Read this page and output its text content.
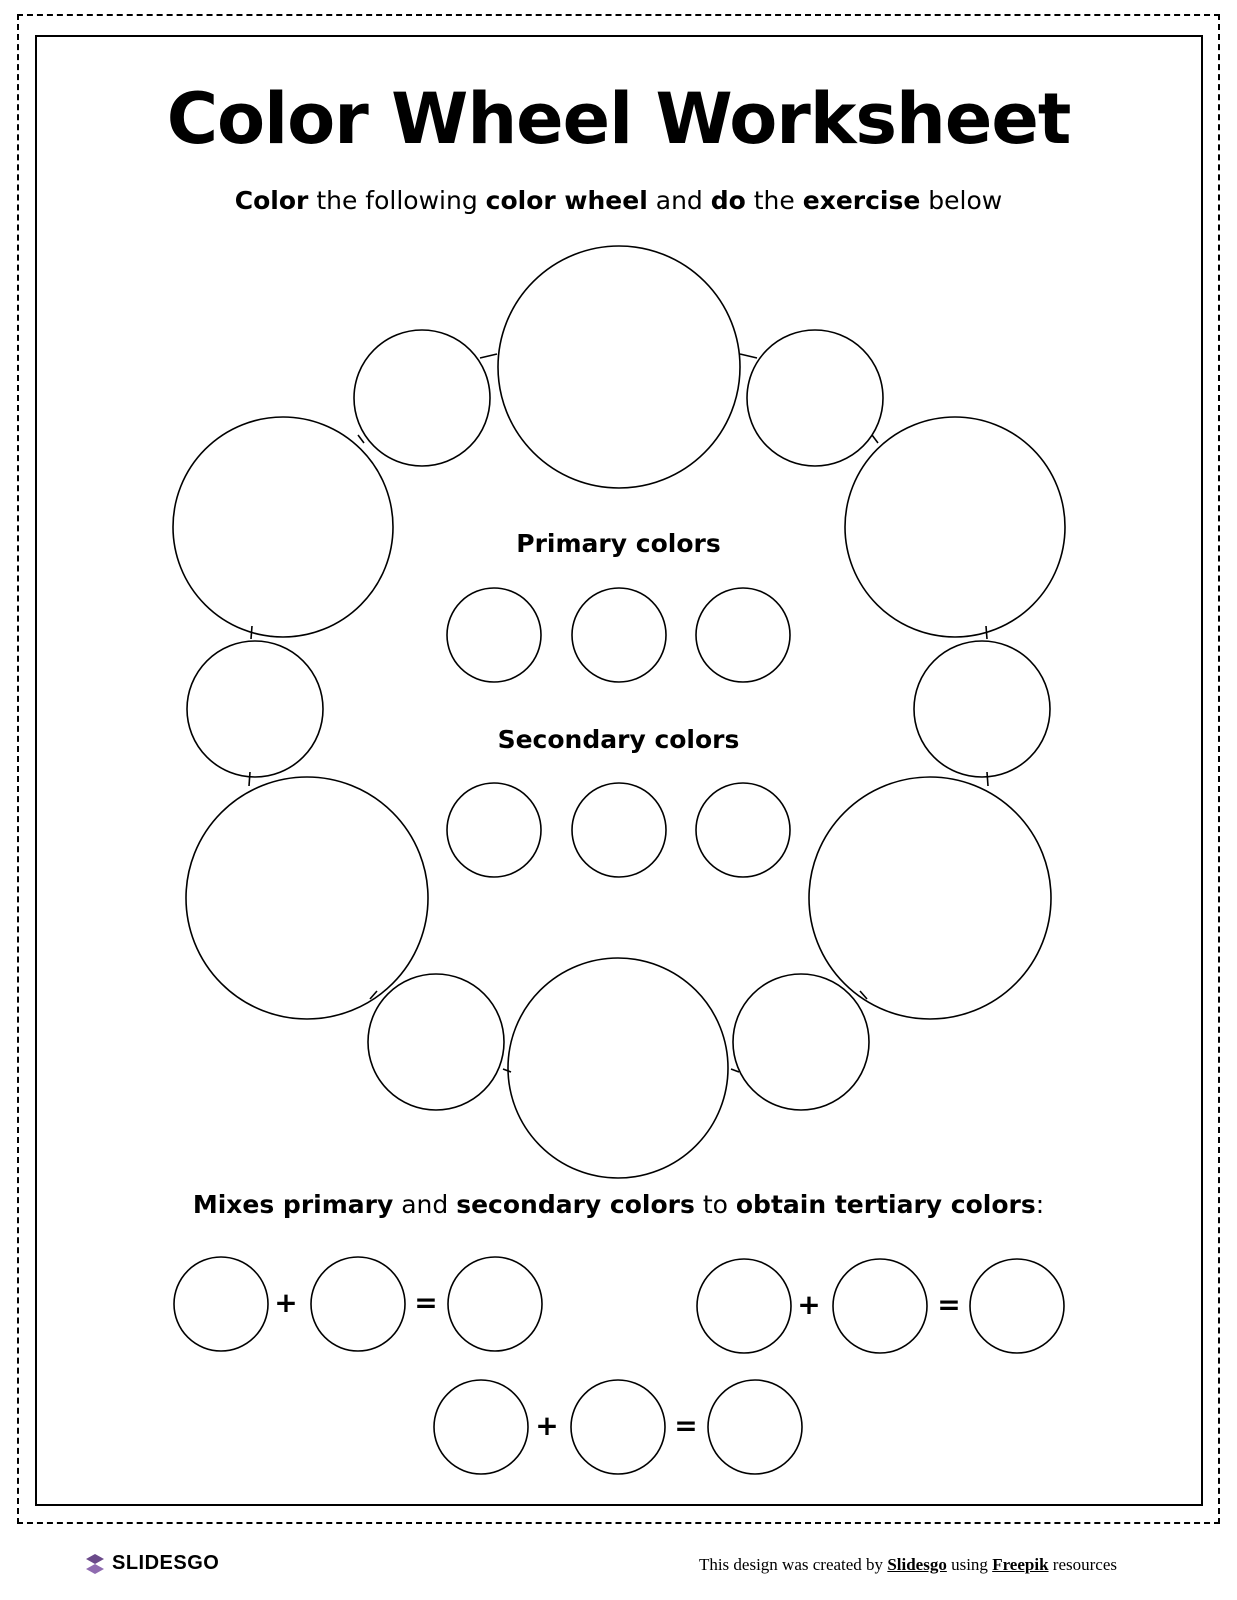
Color Wheel Worksheet

Color the following color wheel and do the exercise below

Primary colors

Secondary colors

Mixes primary and secondary colors to obtain tertiary colors:

+	=	+	=
+	=
SLIDESGO	This design was created by Slidesgo using Freepik resources
